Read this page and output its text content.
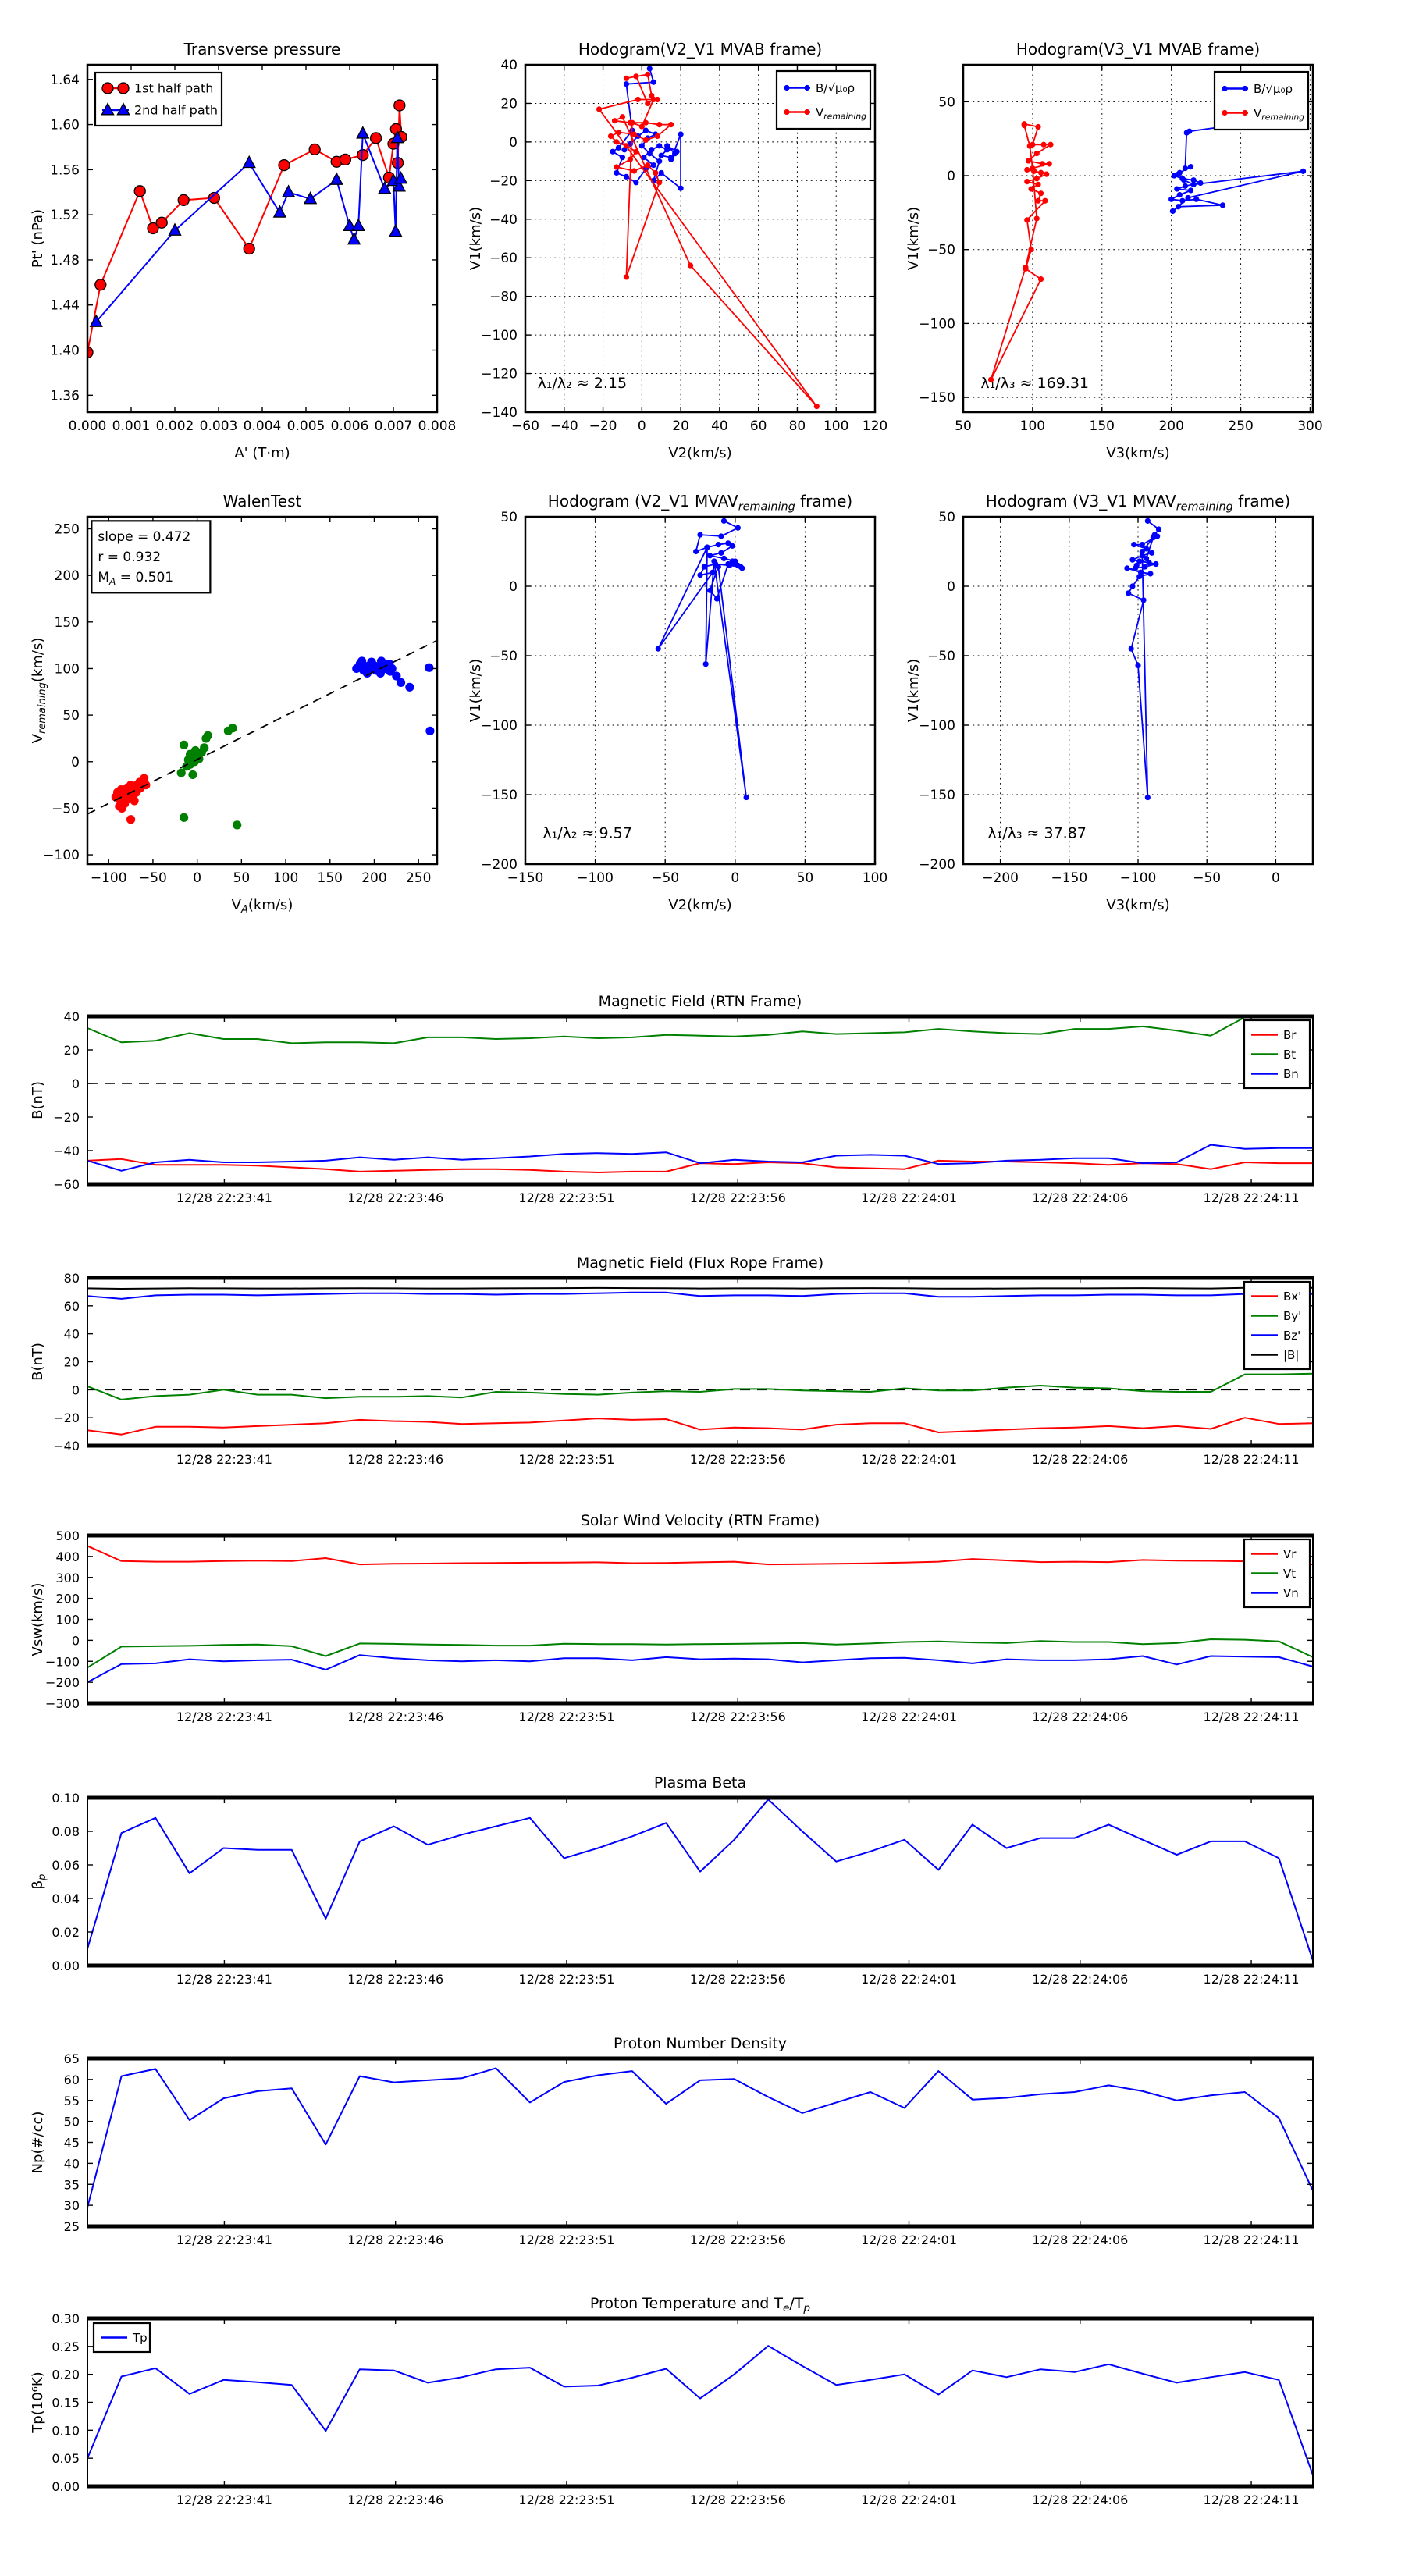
0.000 0.001 0.002 0.003 0.004 0.005 0.006 0.007 0.008
1.36
1.40
1.44
1.48
1.52
1.56
1.60
1.64
Transverse pressure
A' (T·m)
Pt' (nPa)
1st half path
2nd half path
−60 −40 −20 0 20 40 60 80 100 120
−140
−120
−100
−80
−60
−40
−20
0
20
40
Hodogram(V2_V1 MVAB frame)
V2(km/s)
V1(km/s)
B/√μ₀ρ
$V_{remaining}$
λ₁/λ₂ ≈ 2.15
50	100	150	200	250	300
−150
−100
−50
0
50
Hodogram(V3_V1 MVAB frame)
V3(km/s)
V1(km/s)
B/√μ₀ρ
$V_{remaining}$
λ₁/λ₃ ≈ 169.31
−100 −50 0 50 100 150 200 250
−100
−50
0
50
100
150
200
250
WalenTest
$V_A(km/s)$
$V_{remaining}(km/s)$
slope = 0.472
r = 0.932
$M_A = 0.501$
−150	−100	−50	0	50	100
−200
−150
−100
−50
0
50
Hodogram (V2_V1 $MVAV_{remaining}$ frame)
V2(km/s)
V1(km/s)
λ₁/λ₂ ≈ 9.57
−200 −150 −100	−50	0
−200
−150
−100
−50
0
50
Hodogram (V3_V1 $MVAV_{remaining}$ frame)
V3(km/s)
V1(km/s)
λ₁/λ₃ ≈ 37.87
12/28 22:23:41	12/28 22:23:46	12/28 22:23:51	12/28 22:23:56	12/28 22:24:01	12/28 22:24:06	12/28 22:24:11
−60
−40
−20
0
20
40
Magnetic Field (RTN Frame)
B(nT)
Br
Bt
Bn
12/28 22:23:41	12/28 22:23:46	12/28 22:23:51	12/28 22:23:56	12/28 22:24:01	12/28 22:24:06	12/28 22:24:11
−40
−20
0
20
40
60
80
Magnetic Field (Flux Rope Frame)
B(nT)
Bx'
By'
Bz'
|B|
12/28 22:23:41	12/28 22:23:46	12/28 22:23:51	12/28 22:23:56	12/28 22:24:01	12/28 22:24:06	12/28 22:24:11
−300
−200
−100
0
100
200
300
400
500
Solar Wind Velocity (RTN Frame)
Vsw(km/s)
Vr
Vt
Vn
12/28 22:23:41	12/28 22:23:46	12/28 22:23:51	12/28 22:23:56	12/28 22:24:01	12/28 22:24:06	12/28 22:24:11
0.00
0.02
0.04
0.06
0.08
0.10
Plasma Beta
$\beta_p$
12/28 22:23:41	12/28 22:23:46	12/28 22:23:51	12/28 22:23:56	12/28 22:24:01	12/28 22:24:06	12/28 22:24:11
25
30
35
40
45
50
55
60
65
Proton Number Density
Np(#/cc)
12/28 22:23:41	12/28 22:23:46	12/28 22:23:51	12/28 22:23:56	12/28 22:24:01	12/28 22:24:06	12/28 22:24:11
0.00
0.05
0.10
0.15
0.20
0.25
0.30
Proton Temperature and $T_e/T_p$
Tp(10⁶K)
Tp
